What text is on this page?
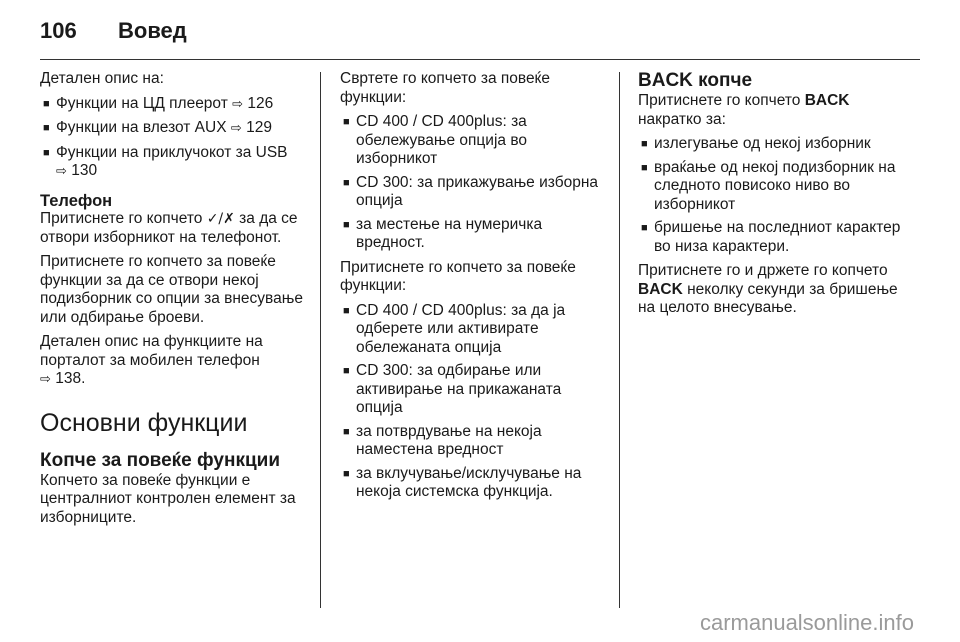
106 Вовед

Детален опис на:

■ Функции на ЦД плеерот ⇨ 126
■ Функции на влезот AUX ⇨ 129
■ Функции на приклучокот за USB
⇨ 130
Телефон

Притиснете го копчето ✓/✗ за да се отвори изборникот на телефонот.

Притиснете го копчето за повеќе функции за да се отвори некој подизборник со опции за внесување или одбирање броеви.

Детален опис на функциите на порталот за мобилен телефон
⇨ 138.

Основни функции
Копче за повеќе функции

Копчето за повеќе функции е централниот контролен елемент за изборниците.

Свртете го копчето за повеќе функции:

■ CD 400 / CD 400plus: за обележување опција во изборникот
■ CD 300: за прикажување изборна опција
■ за местење на нумеричка вредност.

Притиснете го копчето за повеќе функции:

■ CD 400 / CD 400plus: за да ја одберете или активирате обележаната опција
■ CD 300: за одбирање или активирање на прикажаната опција
■ за потврдување на некоја наместена вредност
■ за вклучување/исклучување на некоја системска функција.
BACK копче

Притиснете го копчето BACK накратко за:

■ излегување од некој изборник
■ враќање од некој подизборник на следното повисоко ниво во изборникот
■ бришење на последниот карактер во низа карактери.

Притиснете го и држете го копчето BACK неколку секунди за бришење на целото внесување.

carmanualsonline.info
